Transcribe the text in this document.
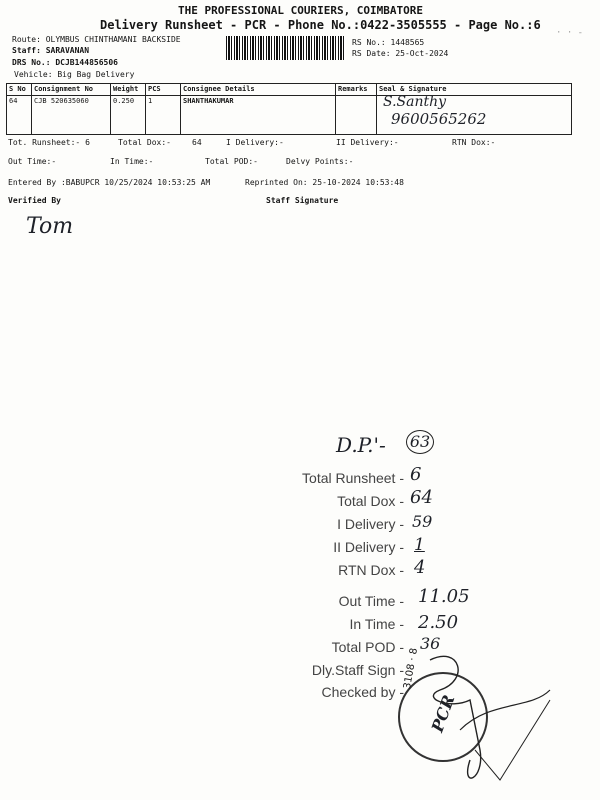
THE PROFESSIONAL COURIERS, COIMBATORE
Delivery Runsheet - PCR - Phone No.:0422-3505555 - Page No.:6
· · -
Route: OLYMBUS CHINTHAMANI BACKSIDE
Staff: SARAVANAN
DRS No.: DCJB144856506
Vehicle: Big Bag Delivery
RS No.: 1448565
RS Date: 25-Oct-2024
S No	Consignment No	Weight	PCS	Consignee Details	Remarks	Seal & Signature
64	CJB 520635060	0.250	1	SHANTHAKUMAR		S.Santhy
9600565262
Tot. Runsheet:- 6	Total Dox:-	64	I Delivery:-	II Delivery:-	RTN Dox:-
Out Time:-	In Time:-	Total POD:-	Delvy Points:-
Entered By :BABUPCR 10/25/2024 10:53:25 AM	Reprinted On: 25-10-2024 10:53:48
Verified By	Staff Signature
Tom
D.P.'- 63
Total Runsheet - 6
Total Dox - 64
I Delivery - 59
II Delivery - 1
RTN Dox - 4
Out Time - 11.05
In Time - 2.50
Total POD - 36
Dly.Staff Sign -
Checked by -
PCR
3108 · 8
